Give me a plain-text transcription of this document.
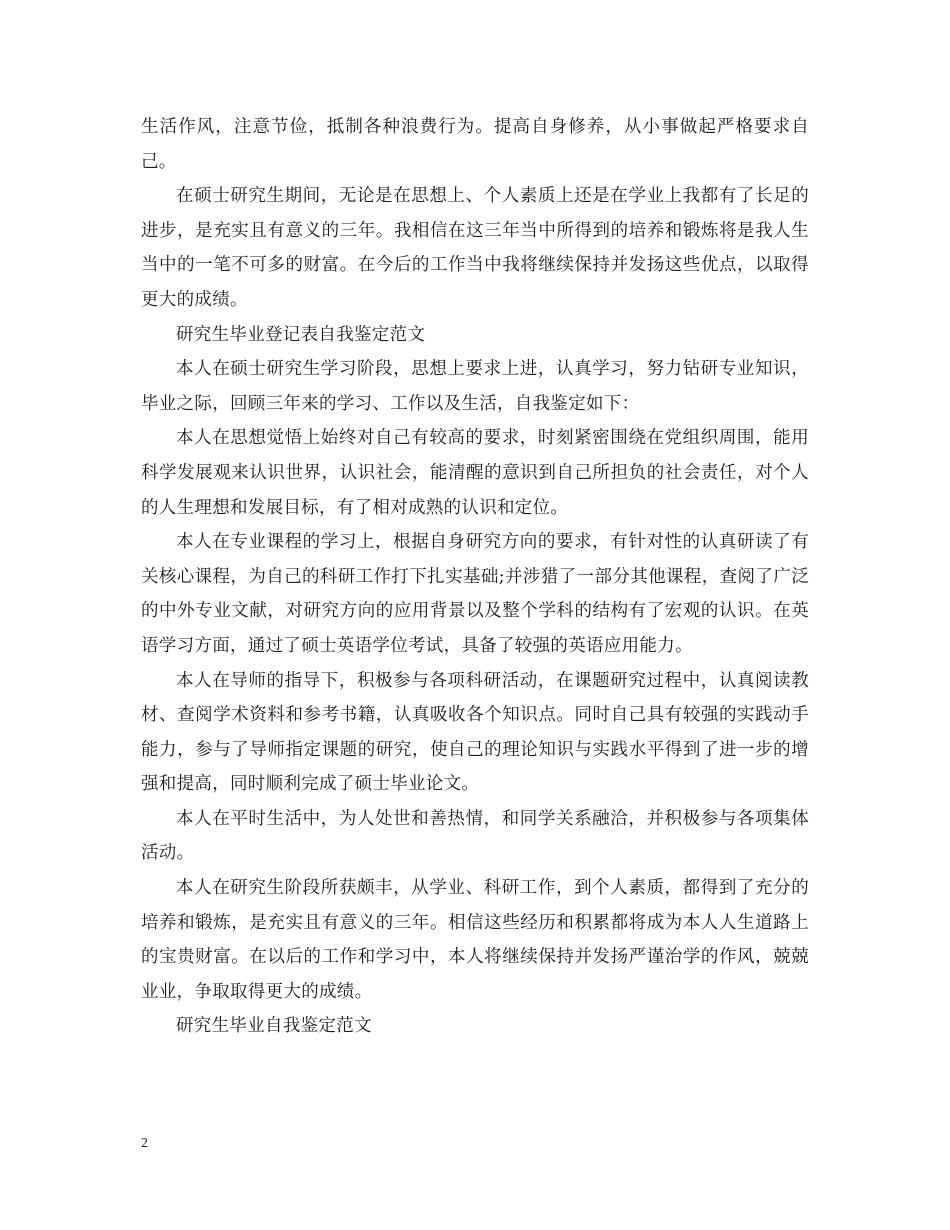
生活作风，注意节俭，抵制各种浪费行为。提高自身修养，从小事做起严格要求自己。

在硕士研究生期间，无论是在思想上、个人素质上还是在学业上我都有了长足的进步，是充实且有意义的三年。我相信在这三年当中所得到的培养和锻炼将是我人生当中的一笔不可多的财富。在今后的工作当中我将继续保持并发扬这些优点，以取得更大的成绩。

研究生毕业登记表自我鉴定范文

本人在硕士研究生学习阶段，思想上要求上进，认真学习，努力钻研专业知识，毕业之际，回顾三年来的学习、工作以及生活，自我鉴定如下：

本人在思想觉悟上始终对自己有较高的要求，时刻紧密围绕在党组织周围，能用科学发展观来认识世界，认识社会，能清醒的意识到自己所担负的社会责任，对个人的人生理想和发展目标，有了相对成熟的认识和定位。

本人在专业课程的学习上，根据自身研究方向的要求，有针对性的认真研读了有关核心课程，为自己的科研工作打下扎实基础;并涉猎了一部分其他课程，查阅了广泛的中外专业文献，对研究方向的应用背景以及整个学科的结构有了宏观的认识。在英语学习方面，通过了硕士英语学位考试，具备了较强的英语应用能力。

本人在导师的指导下，积极参与各项科研活动，在课题研究过程中，认真阅读教材、查阅学术资料和参考书籍，认真吸收各个知识点。同时自己具有较强的实践动手能力，参与了导师指定课题的研究，使自己的理论知识与实践水平得到了进一步的增强和提高，同时顺利完成了硕士毕业论文。

本人在平时生活中，为人处世和善热情，和同学关系融洽，并积极参与各项集体活动。

本人在研究生阶段所获颇丰，从学业、科研工作，到个人素质，都得到了充分的培养和锻炼，是充实且有意义的三年。相信这些经历和积累都将成为本人人生道路上的宝贵财富。在以后的工作和学习中，本人将继续保持并发扬严谨治学的作风，兢兢业业，争取取得更大的成绩。

研究生毕业自我鉴定范文

2
